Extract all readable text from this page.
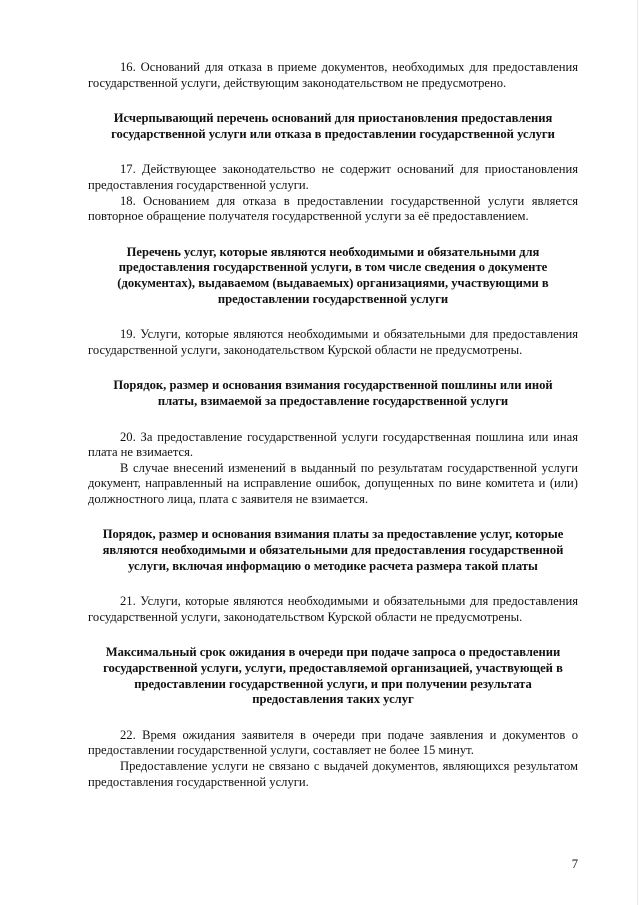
16. Оснований для отказа в приеме документов, необходимых для предоставления государственной услуги, действующим законодательством не предусмотрено.

Исчерпывающий перечень оснований для приостановления предоставления государственной услуги или отказа в предоставлении государственной услуги

17. Действующее законодательство не содержит оснований для приостановления предоставления государственной услуги.

18. Основанием для отказа в предоставлении государственной услуги является повторное обращение получателя государственной услуги за её предоставлением.

Перечень услуг, которые являются необходимыми и обязательными для предоставления государственной услуги, в том числе сведения о документе (документах), выдаваемом (выдаваемых) организациями, участвующими в предоставлении государственной услуги

19. Услуги, которые являются необходимыми и обязательными для предоставления государственной услуги, законодательством Курской области не предусмотрены.

Порядок, размер и основания взимания государственной пошлины или иной платы, взимаемой за предоставление государственной услуги

20. За предоставление государственной услуги государственная пошлина или иная плата не взимается.

В случае внесений изменений в выданный по результатам государственной услуги документ, направленный на исправление ошибок, допущенных по вине комитета и (или) должностного лица, плата с заявителя не взимается.

Порядок, размер и основания взимания платы за предоставление услуг, которые являются необходимыми и обязательными для предоставления государственной услуги, включая информацию о методике расчета размера такой платы

21. Услуги, которые являются необходимыми и обязательными для предоставления государственной услуги, законодательством Курской области не предусмотрены.

Максимальный срок ожидания в очереди при подаче запроса о предоставлении государственной услуги, услуги, предоставляемой организацией, участвующей в предоставлении государственной услуги, и при получении результата предоставления таких услуг

22. Время ожидания заявителя в очереди при подаче заявления и документов о предоставлении государственной услуги, составляет не более 15 минут.

Предоставление услуги не связано с выдачей документов, являющихся результатом предоставления государственной услуги.

7
